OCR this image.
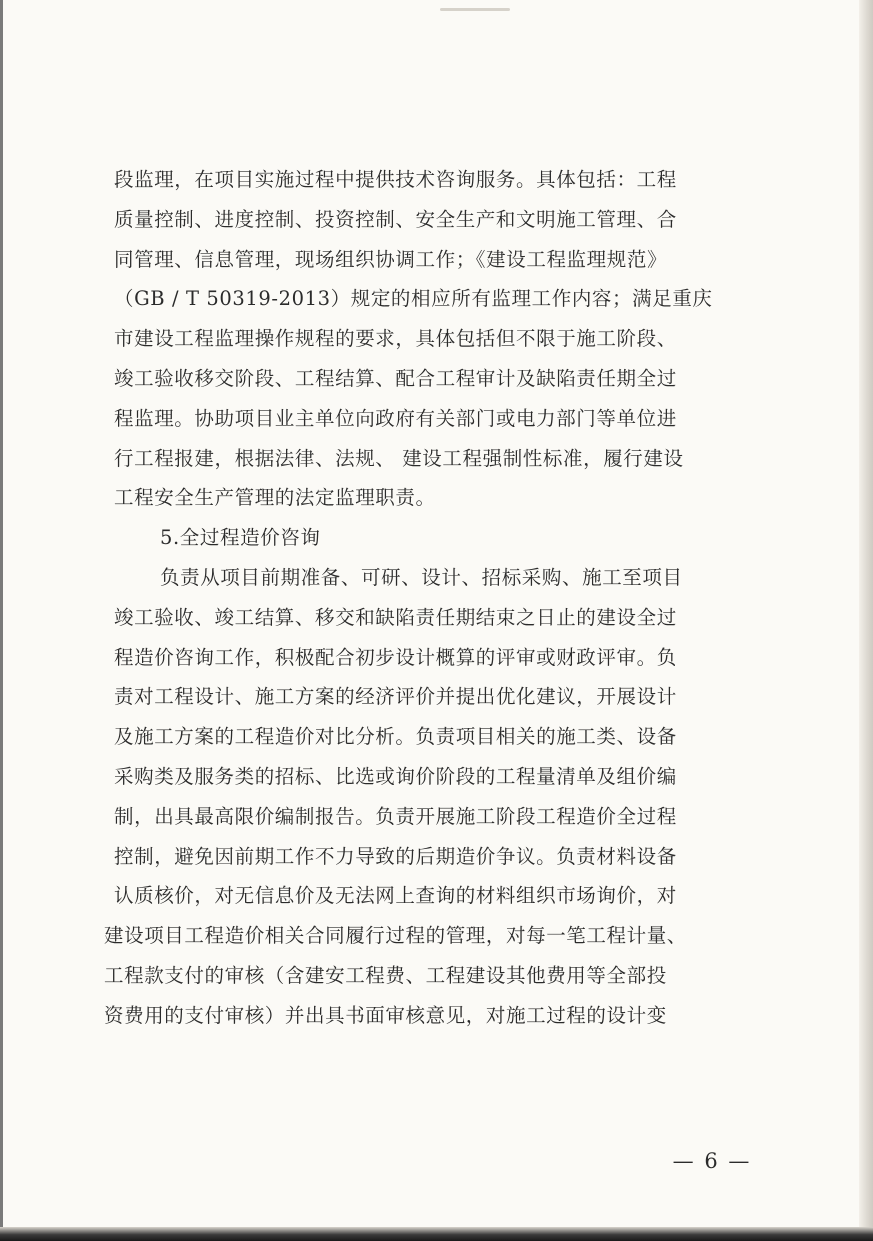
段监理，在项目实施过程中提供技术咨询服务。具体包括：工程
质量控制、进度控制、投资控制、安全生产和文明施工管理、合
同管理、信息管理，现场组织协调工作；《建设工程监理规范》
（GB / T 50319-2013）规定的相应所有监理工作内容；满足重庆
市建设工程监理操作规程的要求，具体包括但不限于施工阶段、
竣工验收移交阶段、工程结算、配合工程审计及缺陷责任期全过
程监理。协助项目业主单位向政府有关部门或电力部门等单位进
行工程报建，根据法律、法规、 建设工程强制性标准，履行建设
工程安全生产管理的法定监理职责。
5.全过程造价咨询
负责从项目前期准备、可研、设计、招标采购、施工至项目
竣工验收、竣工结算、移交和缺陷责任期结束之日止的建设全过
程造价咨询工作，积极配合初步设计概算的评审或财政评审。负
责对工程设计、施工方案的经济评价并提出优化建议，开展设计
及施工方案的工程造价对比分析。负责项目相关的施工类、设备
采购类及服务类的招标、比选或询价阶段的工程量清单及组价编
制，出具最高限价编制报告。负责开展施工阶段工程造价全过程
控制，避免因前期工作不力导致的后期造价争议。负责材料设备
认质核价，对无信息价及无法网上查询的材料组织市场询价，对
建设项目工程造价相关合同履行过程的管理，对每一笔工程计量、
工程款支付的审核（含建安工程费、工程建设其他费用等全部投
资费用的支付审核）并出具书面审核意见，对施工过程的设计变
— 6 —
